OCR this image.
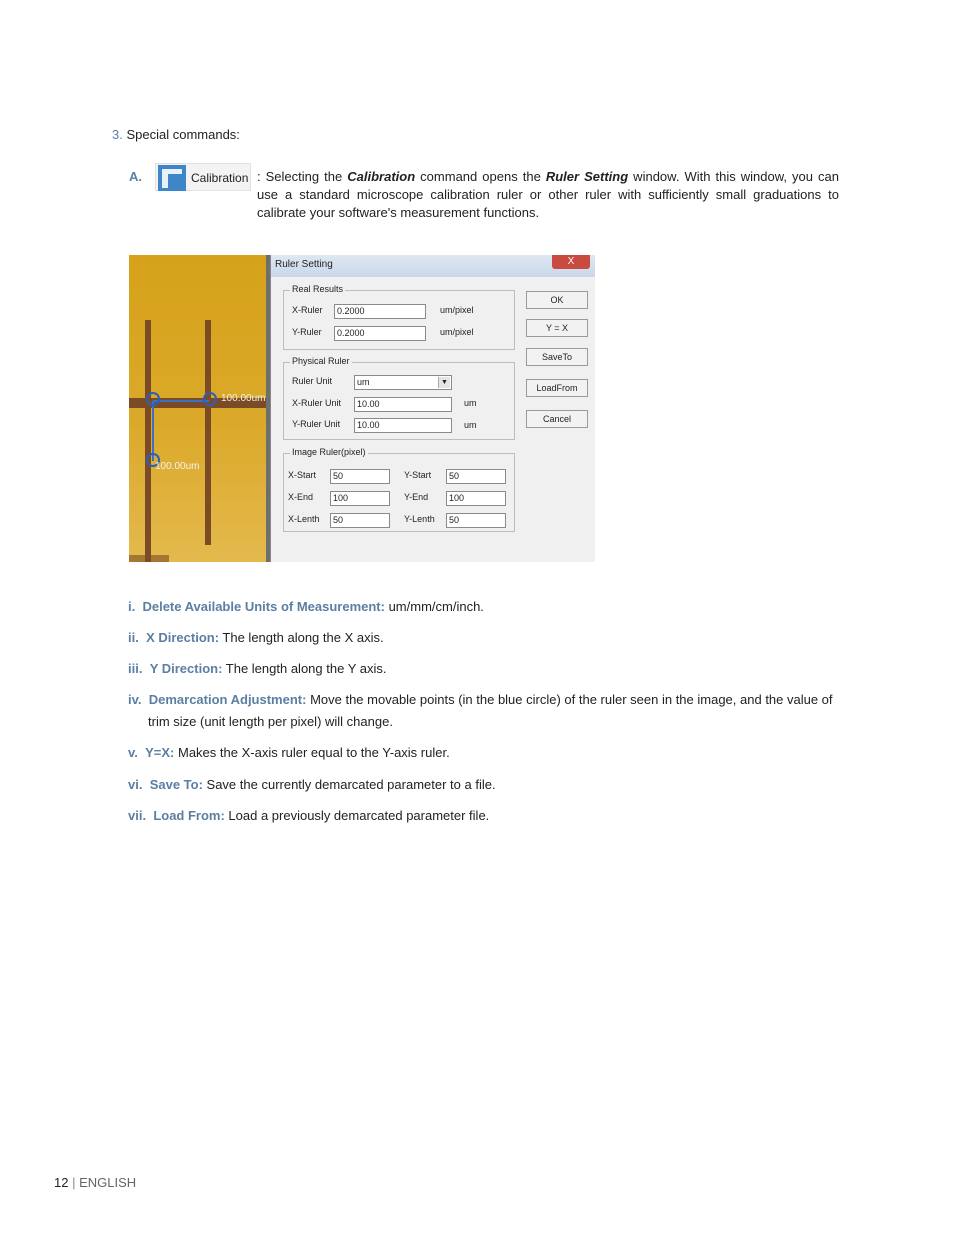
3. Special commands:
A.	Calibration : Selecting the Calibration command opens the Ruler Setting window. With this window, you can use a standard microscope calibration ruler or other ruler with sufficiently small graduations to calibrate your software's measurement functions.
100.00um
100.00um
Ruler Setting	X
Real Results
X-Ruler	0.2000	um/pixel
Y-Ruler	0.2000	um/pixel
Physical Ruler
Ruler Unit	um	▼
X-Ruler Unit	10.00	um
Y-Ruler Unit	10.00	um
Image Ruler(pixel)
X-Start	50	Y-Start	50
X-End	100	Y-End	100
X-Lenth	50	Y-Lenth	50
OK
Y = X
SaveTo
LoadFrom
Cancel
i. Delete Available Units of Measurement: um/mm/cm/inch.
ii. X Direction: The length along the X axis.
iii. Y Direction: The length along the Y axis.
iv. Demarcation Adjustment: Move the movable points (in the blue circle) of the ruler seen in the image, and the value of
trim size (unit length per pixel) will change.
v. Y=X: Makes the X-axis ruler equal to the Y-axis ruler.
vi. Save To: Save the currently demarcated parameter to a file.
vii. Load From: Load a previously demarcated parameter file.
12 | ENGLISH
